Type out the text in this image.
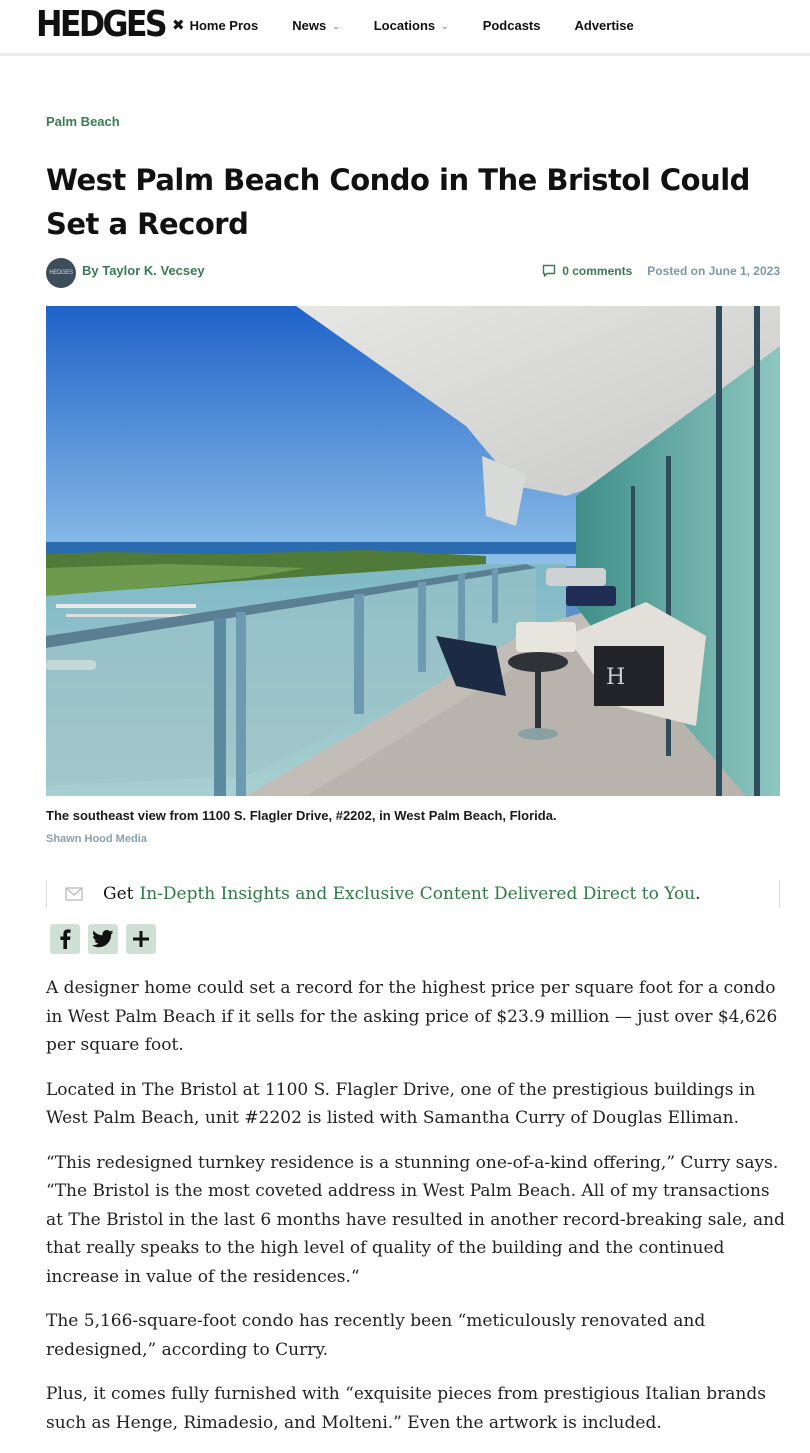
HEDGES ✖ Home Pros	News ⌄	Locations ⌄	Podcasts	Advertise
Palm Beach
West Palm Beach Condo in The Bristol Could Set a Record
HEDGES By Taylor K. Vecsey	0 comments Posted on June 1, 2023
H
The southeast view from 1100 S. Flagler Drive, #2202, in West Palm Beach, Florida.
Shawn Hood Media
Get In-Depth Insights and Exclusive Content Delivered Direct to You .

A designer home could set a record for the highest price per square foot for a condo in West Palm Beach if it sells for the asking price of $23.9 million — just over $4,626 per square foot.

Located in The Bristol at 1100 S. Flagler Drive, one of the prestigious buildings in West Palm Beach, unit #2202 is listed with Samantha Curry of Douglas Elliman.

“This redesigned turnkey residence is a stunning one-of-a-kind offering,” Curry says. “The Bristol is the most coveted address in West Palm Beach. All of my transactions at The Bristol in the last 6 months have resulted in another record-breaking sale, and that really speaks to the high level of quality of the building and the continued increase in value of the residences.“

The 5,166-square-foot condo has recently been “meticulously renovated and redesigned,” according to Curry.

Plus, it comes fully furnished with “exquisite pieces from prestigious Italian brands such as Henge, Rimadesio, and Molteni.” Even the artwork is included.
